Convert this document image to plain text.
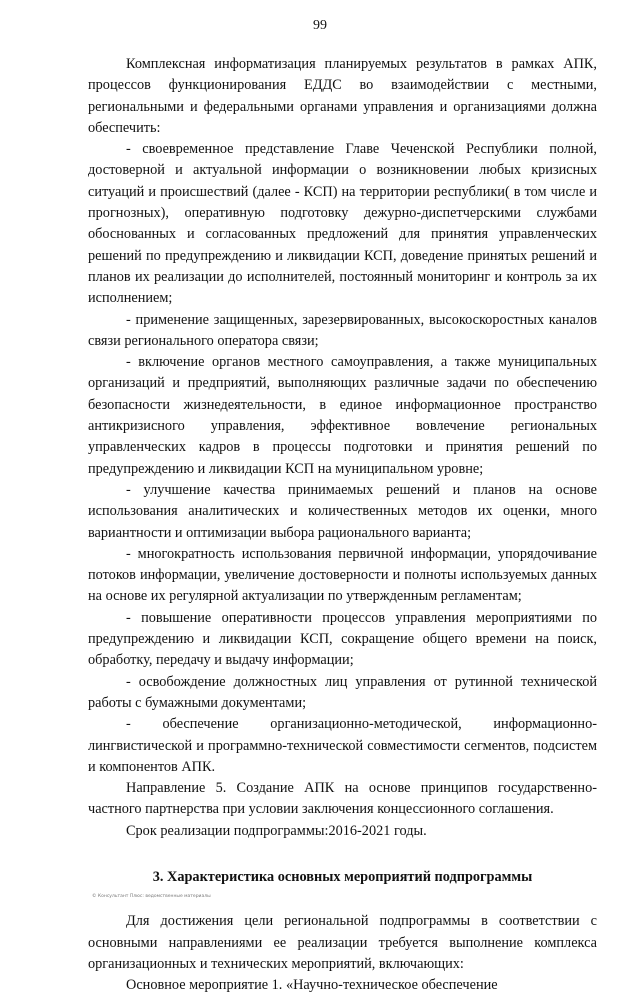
99

Комплексная информатизация планируемых результатов в рамках АПК, процессов функционирования ЕДДС во взаимодействии с местными, региональными и федеральными органами управления и организациями должна обеспечить:

- своевременное представление Главе Чеченской Республики полной, достоверной и актуальной информации о возникновении любых кризисных ситуаций и происшествий (далее - КСП) на территории республики( в том числе и прогнозных), оперативную подготовку дежурно-диспетчерскими службами обоснованных и согласованных предложений для принятия управленческих решений по предупреждению и ликвидации КСП, доведение принятых решений и планов их реализации до исполнителей, постоянный мониторинг и контроль за их исполнением;

- применение защищенных, зарезервированных, высокоскоростных каналов связи регионального оператора связи;

- включение органов местного самоуправления, а также муниципальных организаций и предприятий, выполняющих различные задачи по обеспечению безопасности жизнедеятельности, в единое информационное пространство антикризисного управления, эффективное вовлечение региональных управленческих кадров в процессы подготовки и принятия решений по предупреждению и ликвидации КСП на муниципальном уровне;

- улучшение качества принимаемых решений и планов на основе использования аналитических и количественных методов их оценки, много вариантности и оптимизации выбора рационального варианта;

- многократность использования первичной информации, упорядочивание потоков информации, увеличение достоверности и полноты используемых данных на основе их регулярной актуализации по утвержденным регламентам;

- повышение оперативности процессов управления мероприятиями по предупреждению и ликвидации КСП, сокращение общего времени на поиск, обработку, передачу и выдачу информации;

- освобождение должностных лиц управления от рутинной технической работы с бумажными документами;

- обеспечение организационно-методической, информационно-лингвистической и программно-технической совместимости сегментов, подсистем и компонентов АПК.

Направление 5. Создание АПК на основе принципов государственно-частного партнерства при условии заключения концессионного соглашения.

Срок реализации подпрограммы:2016-2021 годы.

3. Характеристика основных мероприятий подпрограммы

Для достижения цели региональной подпрограммы в соответствии с основными направлениями ее реализации требуется выполнение комплекса организационных и технических мероприятий, включающих:

Основное мероприятие 1. «Научно-техническое обеспечение

© Консультант Плюс: ведомственные материалы
